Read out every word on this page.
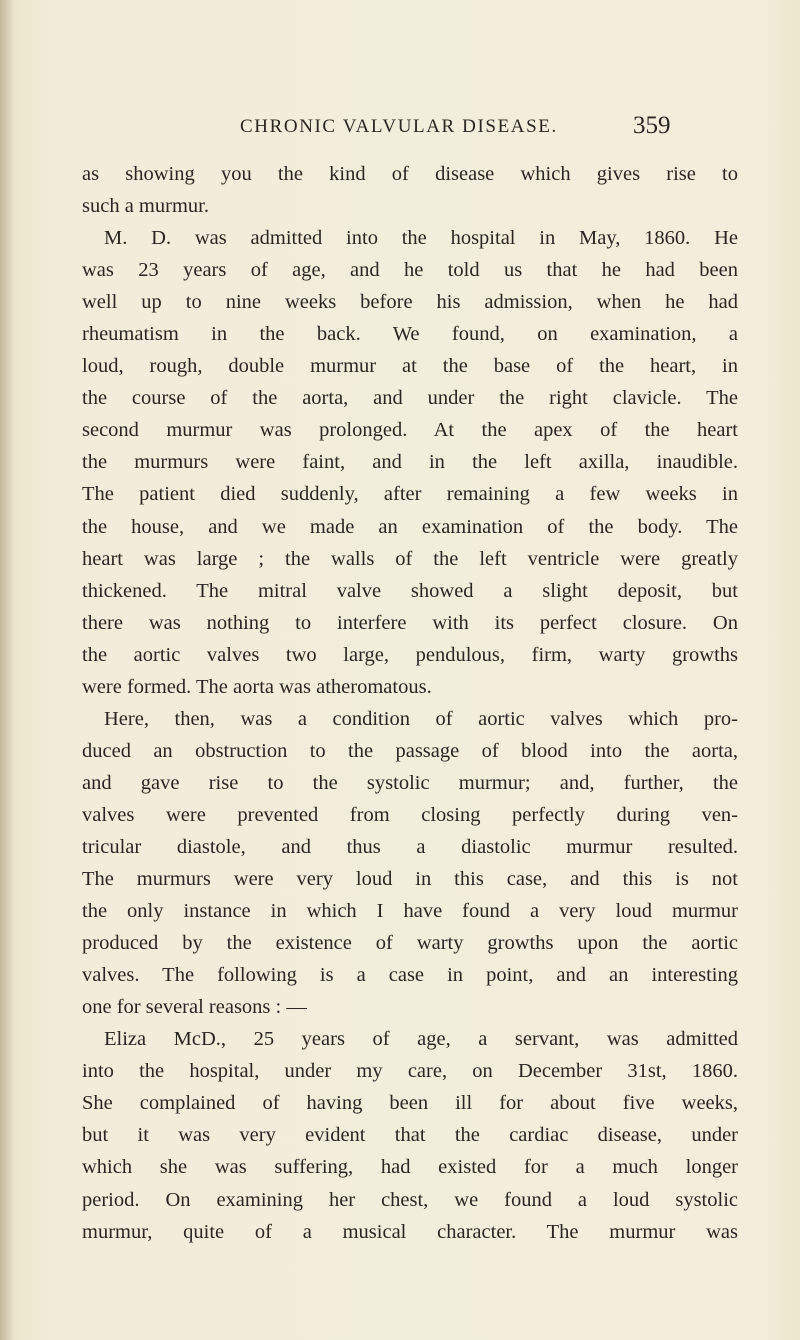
CHRONIC VALVULAR DISEASE.	359
as showing you the kind of disease which gives rise to
such a murmur.
M. D. was admitted into the hospital in May, 1860. He
was 23 years of age, and he told us that he had been
well up to nine weeks before his admission, when he had
rheumatism in the back. We found, on examination, a
loud, rough, double murmur at the base of the heart, in
the course of the aorta, and under the right clavicle. The
second murmur was prolonged. At the apex of the heart
the murmurs were faint, and in the left axilla, inaudible.
The patient died suddenly, after remaining a few weeks in
the house, and we made an examination of the body. The
heart was large ; the walls of the left ventricle were greatly
thickened. The mitral valve showed a slight deposit, but
there was nothing to interfere with its perfect closure. On
the aortic valves two large, pendulous, firm, warty growths
were formed. The aorta was atheromatous.
Here, then, was a condition of aortic valves which pro-
duced an obstruction to the passage of blood into the aorta,
and gave rise to the systolic murmur; and, further, the
valves were prevented from closing perfectly during ven-
tricular diastole, and thus a diastolic murmur resulted.
The murmurs were very loud in this case, and this is not
the only instance in which I have found a very loud murmur
produced by the existence of warty growths upon the aortic
valves. The following is a case in point, and an interesting
one for several reasons : —
Eliza McD., 25 years of age, a servant, was admitted
into the hospital, under my care, on December 31st, 1860.
She complained of having been ill for about five weeks,
but it was very evident that the cardiac disease, under
which she was suffering, had existed for a much longer
period. On examining her chest, we found a loud systolic
murmur, quite of a musical character. The murmur was
